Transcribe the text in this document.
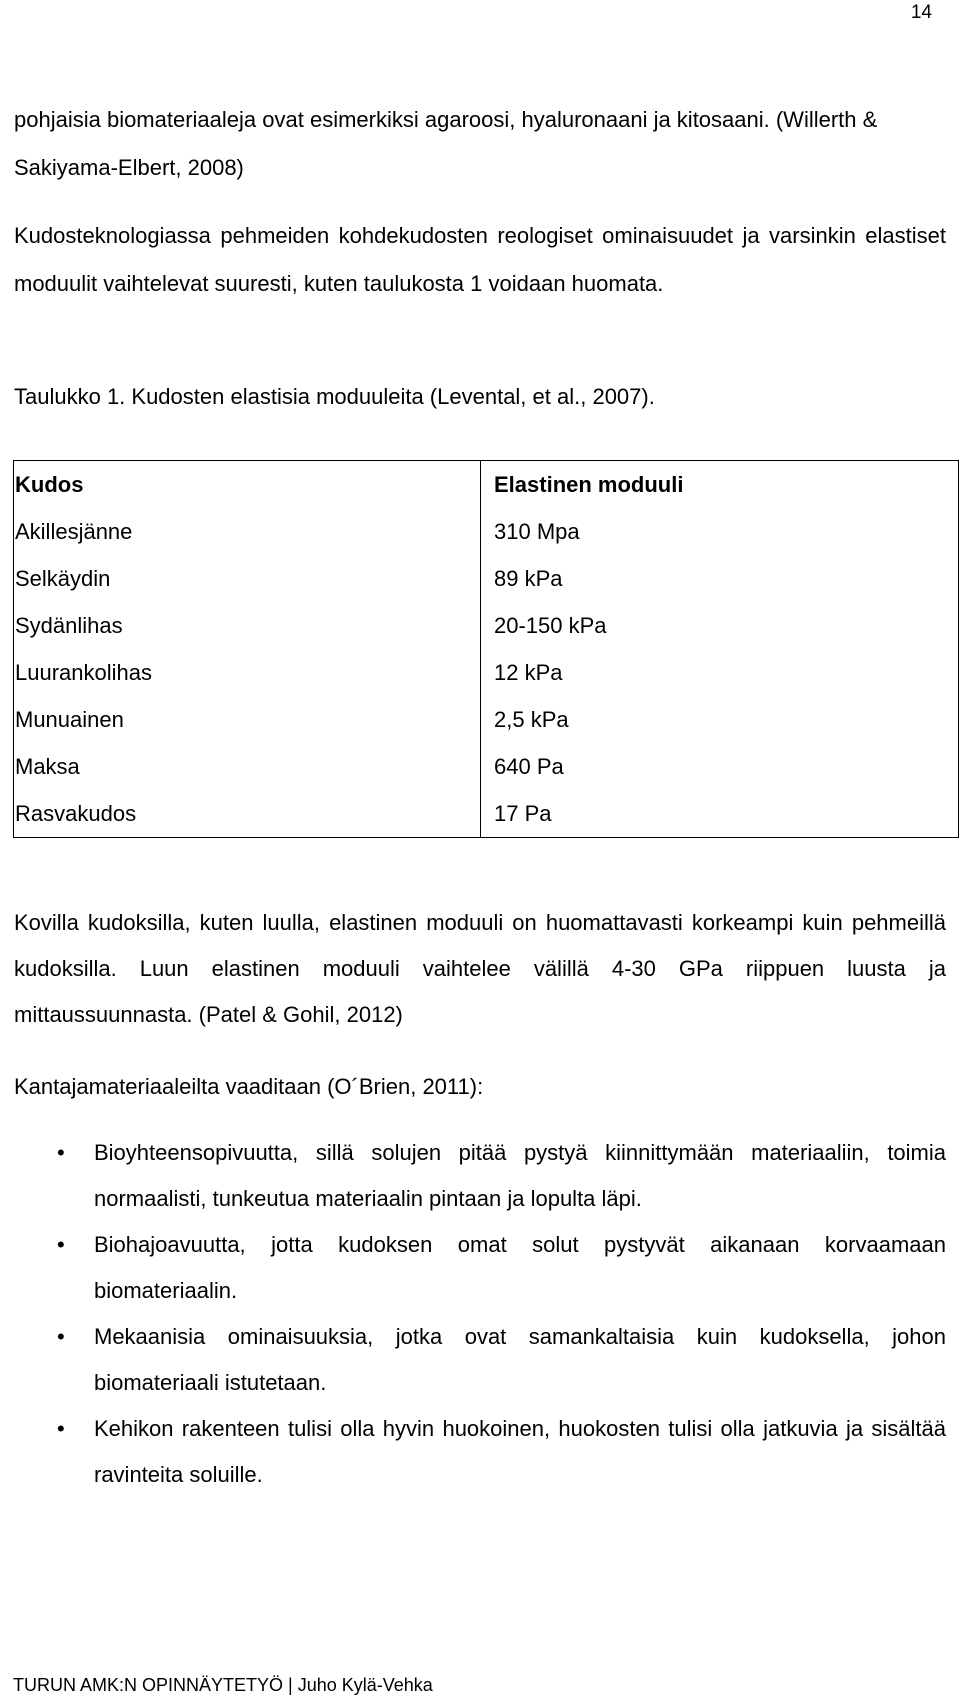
14

pohjaisia biomateriaaleja ovat esimerkiksi agaroosi, hyaluronaani ja kitosaani. (Willerth & Sakiyama-Elbert, 2008)

Kudosteknologiassa pehmeiden kohdekudosten reologiset ominaisuudet ja varsinkin elastiset moduulit vaihtelevat suuresti, kuten taulukosta 1 voidaan huomata.

Taulukko 1. Kudosten elastisia moduuleita (Levental, et al., 2007).

Kudos	Elastinen moduuli
Akillesjänne	310 Mpa
Selkäydin	89 kPa
Sydänlihas	20-150 kPa
Luurankolihas	12 kPa
Munuainen	2,5 kPa
Maksa	640 Pa
Rasvakudos	17 Pa

Kovilla kudoksilla, kuten luulla, elastinen moduuli on huomattavasti korkeampi kuin pehmeillä kudoksilla. Luun elastinen moduuli vaihtelee välillä 4-30 GPa riippuen luusta ja mittaussuunnasta. (Patel & Gohil, 2012)

Kantajamateriaaleilta vaaditaan (O´Brien, 2011):

• Bioyhteensopivuutta, sillä solujen pitää pystyä kiinnittymään materiaaliin, toimia normaalisti, tunkeutua materiaalin pintaan ja lopulta läpi.
• Biohajoavuutta, jotta kudoksen omat solut pystyvät aikanaan korvaamaan biomateriaalin.
• Mekaanisia ominaisuuksia, jotka ovat samankaltaisia kuin kudoksella, johon biomateriaali istutetaan.
• Kehikon rakenteen tulisi olla hyvin huokoinen, huokosten tulisi olla jatkuvia ja sisältää ravinteita soluille.
TURUN AMK:N OPINNÄYTETYÖ | Juho Kylä-Vehka
